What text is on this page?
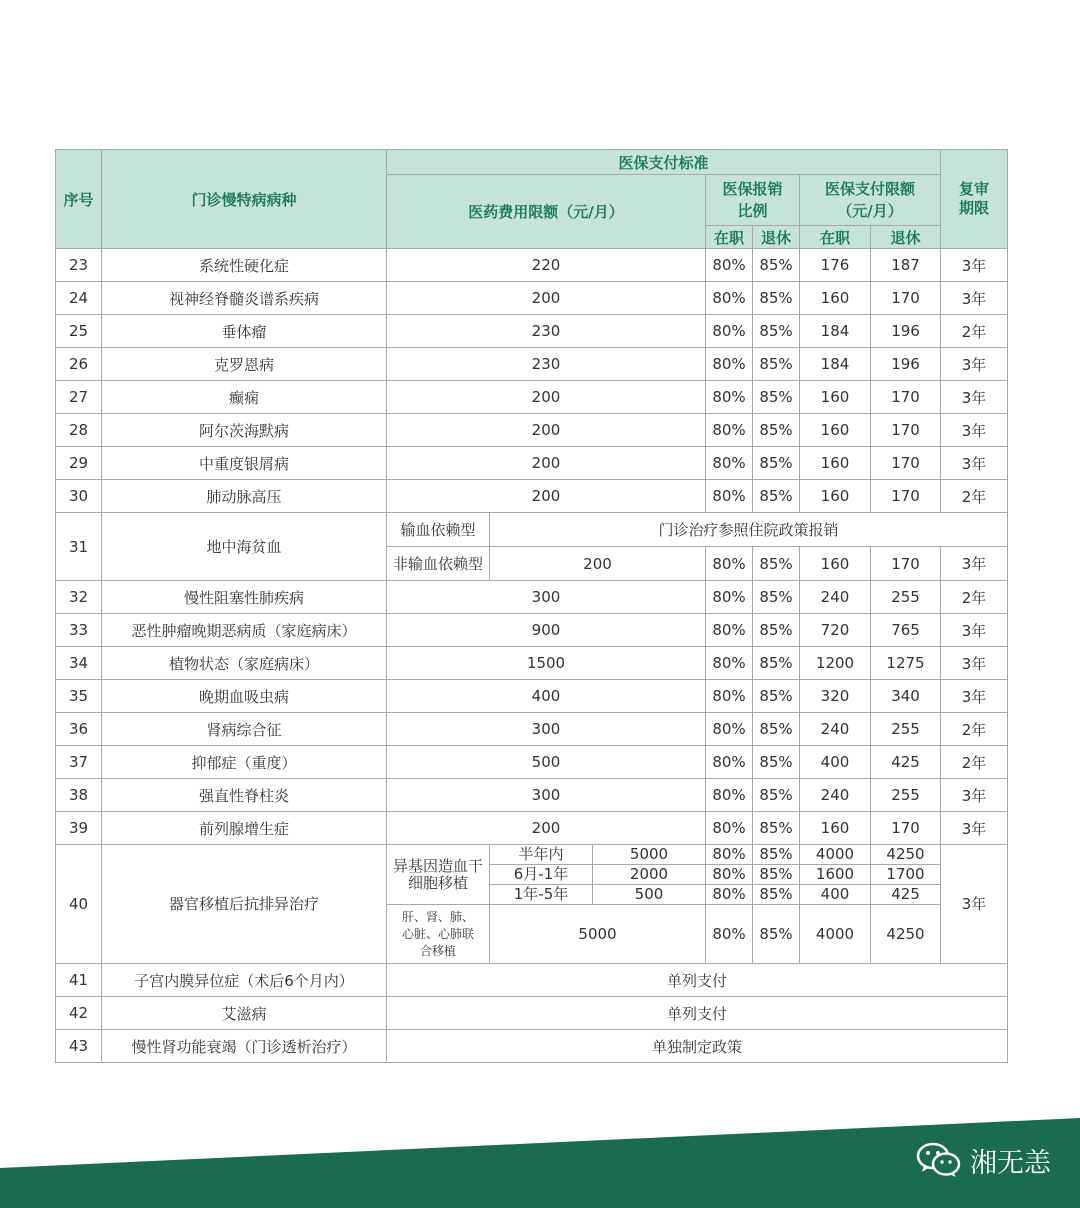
序号	门诊慢特病病种	医保支付标准							复审期限
		医药费用限额（元/月）			医保报销比例		医保支付限额（元/月）		
					在职	退休	在职	退休	
23	系统性硬化症	220			80%	85%	176	187	3年
24	视神经脊髓炎谱系疾病	200			80%	85%	160	170	3年
25	垂体瘤	230			80%	85%	184	196	2年
26	克罗恩病	230			80%	85%	184	196	3年
27	癫痫	200			80%	85%	160	170	3年
28	阿尔茨海默病	200			80%	85%	160	170	3年
29	中重度银屑病	200			80%	85%	160	170	3年
30	肺动脉高压	200			80%	85%	160	170	2年
31	地中海贫血	输血依赖型	门诊治疗参照住院政策报销						
		非输血依赖型	200		80%	85%	160	170	3年
32	慢性阻塞性肺疾病	300			80%	85%	240	255	2年
33	恶性肿瘤晚期恶病质（家庭病床）	900			80%	85%	720	765	3年
34	植物状态（家庭病床）	1500			80%	85%	1200	1275	3年
35	晚期血吸虫病	400			80%	85%	320	340	3年
36	肾病综合征	300			80%	85%	240	255	2年
37	抑郁症（重度）	500			80%	85%	400	425	2年
38	强直性脊柱炎	300			80%	85%	240	255	3年
39	前列腺增生症	200			80%	85%	160	170	3年
40	器官移植后抗排异治疗	异基因造血干细胞移植	半年内	5000	80%	85%	4000	4250	3年
			6月-1年	2000	80%	85%	1600	1700	
			1年-5年	500	80%	85%	400	425	
		肝、肾、肺、心脏、心肺联合移植	5000		80%	85%	4000	4250	
41	子宫内膜异位症（术后6个月内）	单列支付							
42	艾滋病	单列支付							
43	慢性肾功能衰竭（门诊透析治疗）	单独制定政策							
湘无恙
